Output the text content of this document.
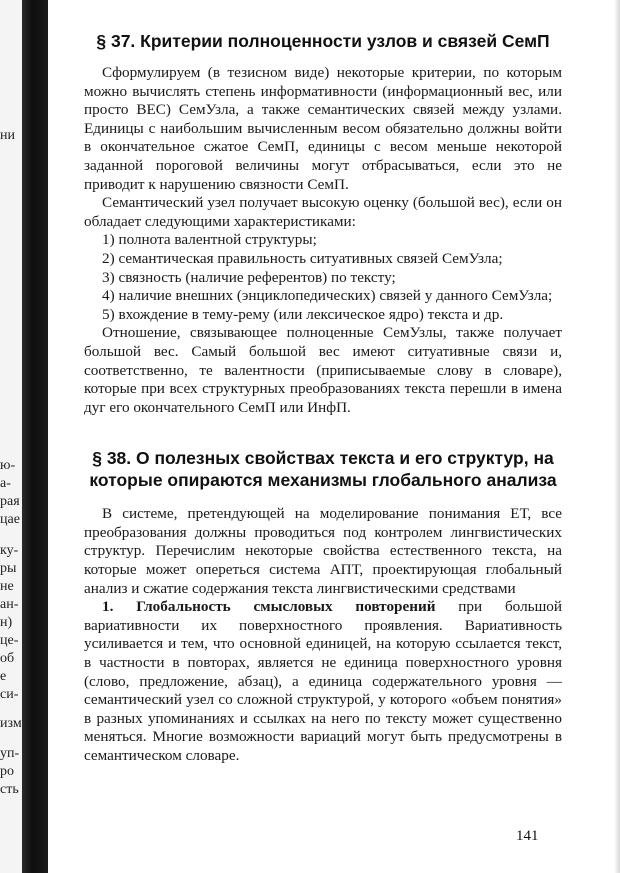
ни
ю-
а-
рая
цае
ку-
ры
не
ан-
н)
це-
об
е
си-
изм
уп-
ро
сть
§ 37. Критерии полноценности узлов и связей СемП

Сформулируем (в тезисном виде) некоторые критерии, по которым можно вычислять степень информативности (информационный вес, или просто ВЕС) СемУзла, а также семантических связей между узлами. Единицы с наибольшим вычисленным весом обязательно должны войти в окончательное сжатое СемП, единицы с весом меньше некоторой заданной пороговой величины могут отбрасываться, если это не приводит к нарушению связности СемП.

Семантический узел получает высокую оценку (большой вес), если он обладает следующими характеристиками:

1) полнота валентной структуры;
2) семантическая правильность ситуативных связей СемУзла;
3) связность (наличие референтов) по тексту;
4) наличие внешних (энциклопедических) связей у данного СемУзла;
5) вхождение в тему-рему (или лексическое ядро) текста и др.

Отношение, связывающее полноценные СемУзлы, также получает большой вес. Самый большой вес имеют ситуативные связи и, соответственно, те валентности (приписываемые слову в словаре), которые при всех структурных преобразованиях текста перешли в имена дуг его окончательного СемП или ИнфП.

§ 38. О полезных свойствах текста и его структур, на которые опираются механизмы глобального анализа

В системе, претендующей на моделирование понимания ЕТ, все преобразования должны проводиться под контролем лингвистических структур. Перечислим некоторые свойства естественного текста, на которые может опереться система АПТ, проектирующая глобальный анализ и сжатие содержания текста лингвистическими средствами

1. Глобальность смысловых повторений при большой вариативности их поверхностного проявления. Вариативность усиливается и тем, что основной единицей, на которую ссылается текст, в частности в повторах, является не единица поверхностного уровня (слово, предложение, абзац), а единица содержательного уровня — семантический узел со сложной структурой, у которого «объем понятия» в разных упоминаниях и ссылках на него по тексту может существенно меняться. Многие возможности вариаций могут быть предусмотрены в семантическом словаре.

141
